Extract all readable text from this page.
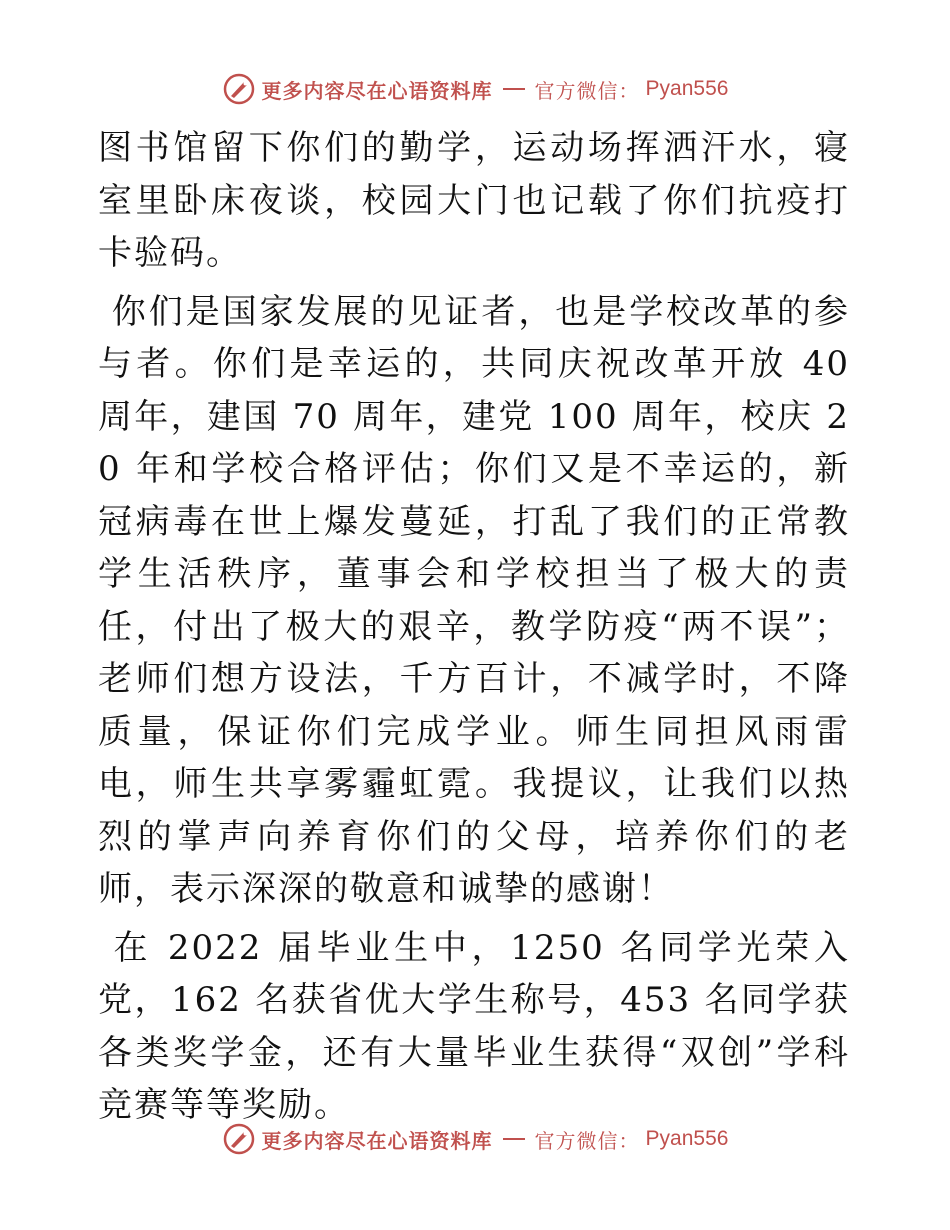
更多内容尽在心语资料库 官方微信： Pyan556

图书馆留下你们的勤学，运动场挥洒汗水，寝室里卧床夜谈，校园大门也记载了你们抗疫打卡验码。

你们是国家发展的见证者，也是学校改革的参与者。你们是幸运的，共同庆祝改革开放 40 周年，建国 70 周年，建党 100 周年，校庆 20 年和学校合格评估；你们又是不幸运的，新冠病毒在世上爆发蔓延，打乱了我们的正常教学生活秩序，董事会和学校担当了极大的责任，付出了极大的艰辛，教学防疫“两不误”；老师们想方设法，千方百计，不减学时，不降质量，保证你们完成学业。师生同担风雨雷电，师生共享雾霾虹霓。我提议，让我们以热烈的掌声向养育你们的父母，培养你们的老师，表示深深的敬意和诚挚的感谢！

在 2022 届毕业生中，1250 名同学光荣入党，162 名获省优大学生称号，453 名同学获各类奖学金，还有大量毕业生获得“双创”学科竞赛等等奖励。

更多内容尽在心语资料库 官方微信： Pyan556
